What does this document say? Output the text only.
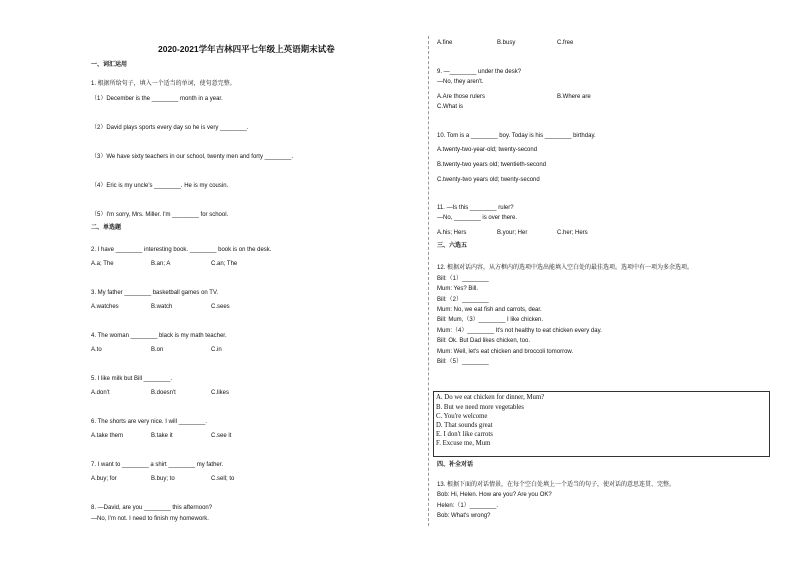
2020-2021学年吉林四平七年级上英语期末试卷
一、词汇运用
1. 根据所给句子，填入一个适当的单词，使句意完整。
（1）December is the ________ month in a year.
（2）David plays sports every day so he is very ________.
（3）We have sixty teachers in our school, twenty men and forty ________.
（4）Eric is my uncle's ________. He is my cousin.
（5）I'm sorry, Mrs. Miller. I'm ________ for school.
二、单选题
2. I have ________ interesting book. ________ book is on the desk.
A.a; The	B.an; A	C.an; The
3. My father ________ basketball games on TV.
A.watches	B.watch	C.sees
4. The woman ________ black is my math teacher.
A.to	B.on	C.in
5. I like milk but Bill ________.
A.don't	B.doesn't	C.likes
6. The shorts are very nice. I will ________.
A.take them	B.take it	C.see it
7. I want to ________ a shirt ________ my father.
A.buy; for	B.buy; to	C.sell; to
8. —David, are you ________ this afternoon?
—No, I'm not. I need to finish my homework.
A.fine	B.busy	C.free
9. —________ under the desk?
—No, they aren't.
A.Are those rulers	B.Where are
C.What is
10. Tom is a ________ boy. Today is his ________ birthday.
A.twenty-two-year-old; twenty-second
B.twenty-two years old; twentieth-second
C.twenty-two years old; twenty-second
11. —Is this ________ ruler?
—No, ________ is over there.
A.his; Hers	B.your; Her	C.her; Hers
三、六选五
12. 根据对话内容，从方框内的选项中选出能填入空白处的最佳选项。选项中有一项为多余选项。
Bill:（1）________
Mum: Yes? Bill.
Bill:（2）________
Mum: No, we eat fish and carrots, dear.
Bill: Mum,（3）________ I like chicken.
Mum:（4）________ It's not healthy to eat chicken every day.
Bill: Ok. But Dad likes chicken, too.
Mum: Well, let's eat chicken and broccoli tomorrow.
Bill:（5）________
A. Do we eat chicken for dinner, Mum?
B. But we need more vegetables
C. You're welcome
D. That sounds great
E. I don't like carrots
F. Excuse me, Mum
四、补全对话
13. 根据下面的对话情景，在每个空白处填上一个适当的句子，使对话的意思连贯、完整。
Bob: Hi, Helen. How are you? Are you OK?
Helen:（1）________.
Bob: What's wrong?
